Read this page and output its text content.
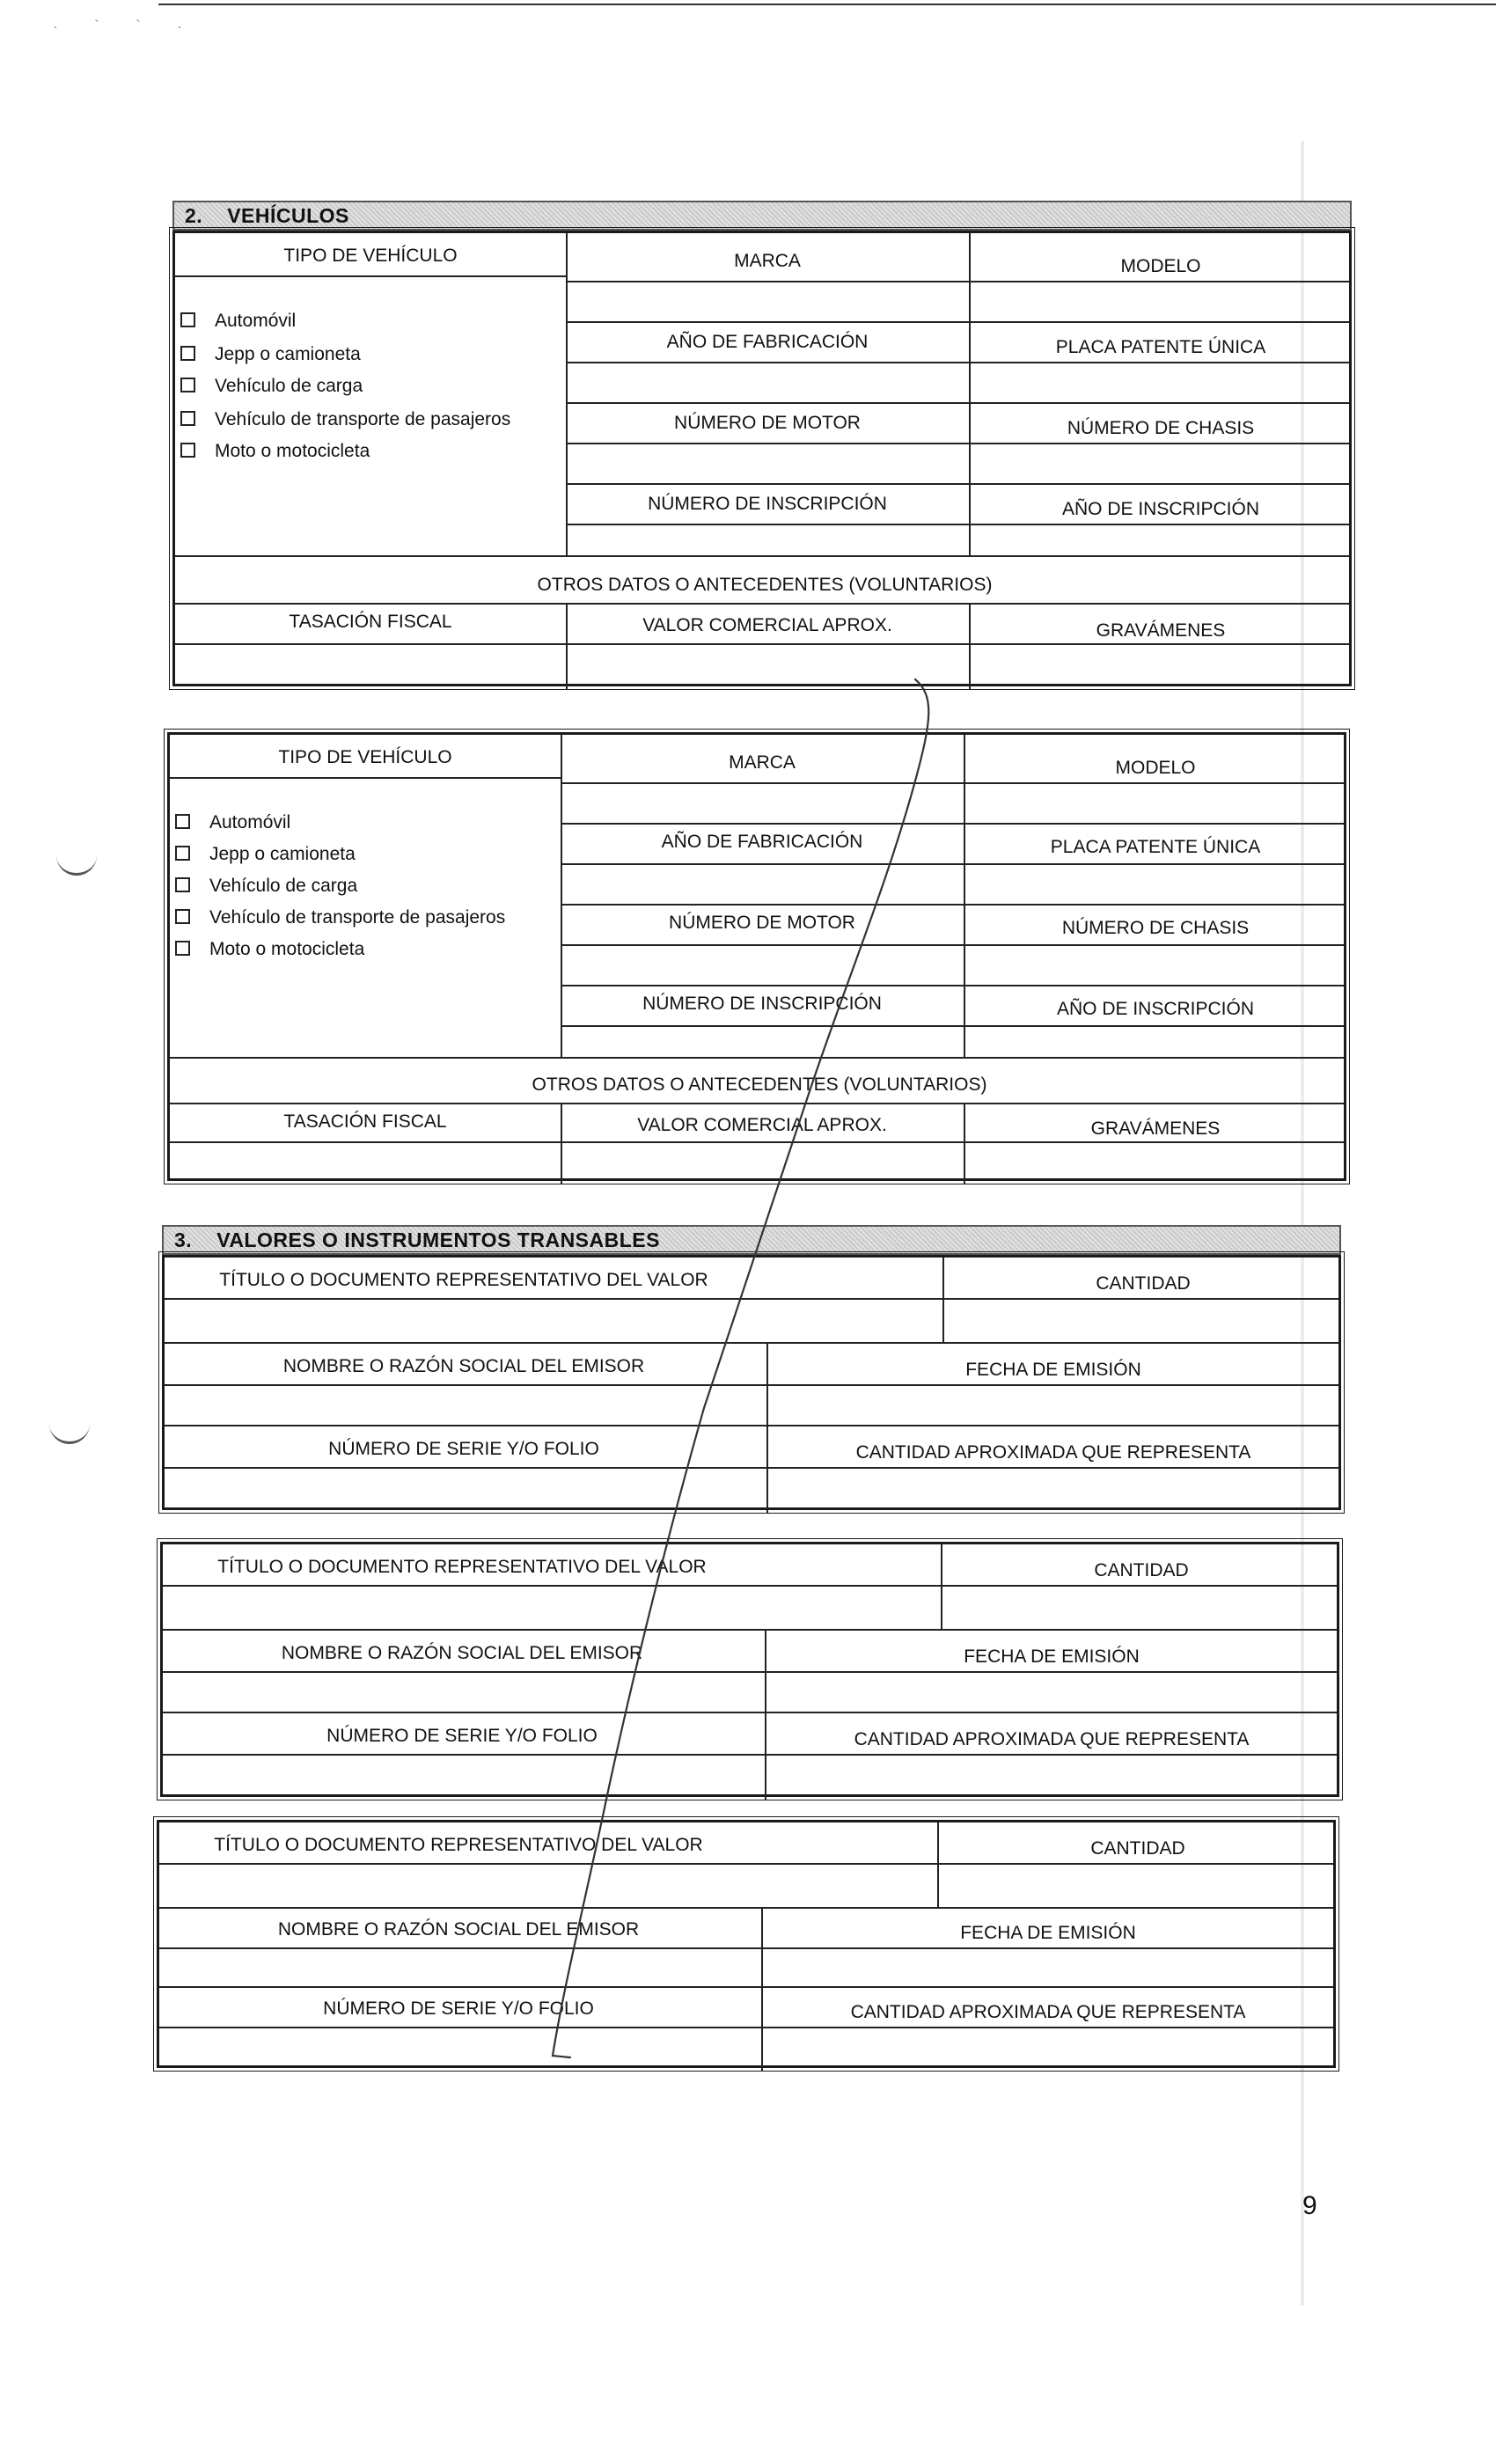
· ` ` ·
2. VEHÍCULOS
TIPO DE VEHÍCULO
Automóvil
Jepp o camioneta
Vehículo de carga
Vehículo de transporte de pasajeros
Moto o motocicleta
MARCA	MODELO
AÑO DE FABRICACIÓN	PLACA PATENTE ÚNICA
NÚMERO DE MOTOR	NÚMERO DE CHASIS
NÚMERO DE INSCRIPCIÓN	AÑO DE INSCRIPCIÓN
OTROS DATOS O ANTECEDENTES (VOLUNTARIOS)
TASACIÓN FISCAL	VALOR COMERCIAL APROX.	GRAVÁMENES
TIPO DE VEHÍCULO
Automóvil
Jepp o camioneta
Vehículo de carga
Vehículo de transporte de pasajeros
Moto o motocicleta
MARCA	MODELO
AÑO DE FABRICACIÓN	PLACA PATENTE ÚNICA
NÚMERO DE MOTOR	NÚMERO DE CHASIS
NÚMERO DE INSCRIPCIÓN	AÑO DE INSCRIPCIÓN
OTROS DATOS O ANTECEDENTES (VOLUNTARIOS)
TASACIÓN FISCAL	VALOR COMERCIAL APROX.	GRAVÁMENES
3. VALORES O INSTRUMENTOS TRANSABLES
TÍTULO O DOCUMENTO REPRESENTATIVO DEL VALOR	CANTIDAD
NOMBRE O RAZÓN SOCIAL DEL EMISOR	FECHA DE EMISIÓN
NÚMERO DE SERIE Y/O FOLIO	CANTIDAD APROXIMADA QUE REPRESENTA
TÍTULO O DOCUMENTO REPRESENTATIVO DEL VALOR	CANTIDAD
NOMBRE O RAZÓN SOCIAL DEL EMISOR	FECHA DE EMISIÓN
NÚMERO DE SERIE Y/O FOLIO	CANTIDAD APROXIMADA QUE REPRESENTA
TÍTULO O DOCUMENTO REPRESENTATIVO DEL VALOR	CANTIDAD
NOMBRE O RAZÓN SOCIAL DEL EMISOR	FECHA DE EMISIÓN
NÚMERO DE SERIE Y/O FOLIO	CANTIDAD APROXIMADA QUE REPRESENTA
9
